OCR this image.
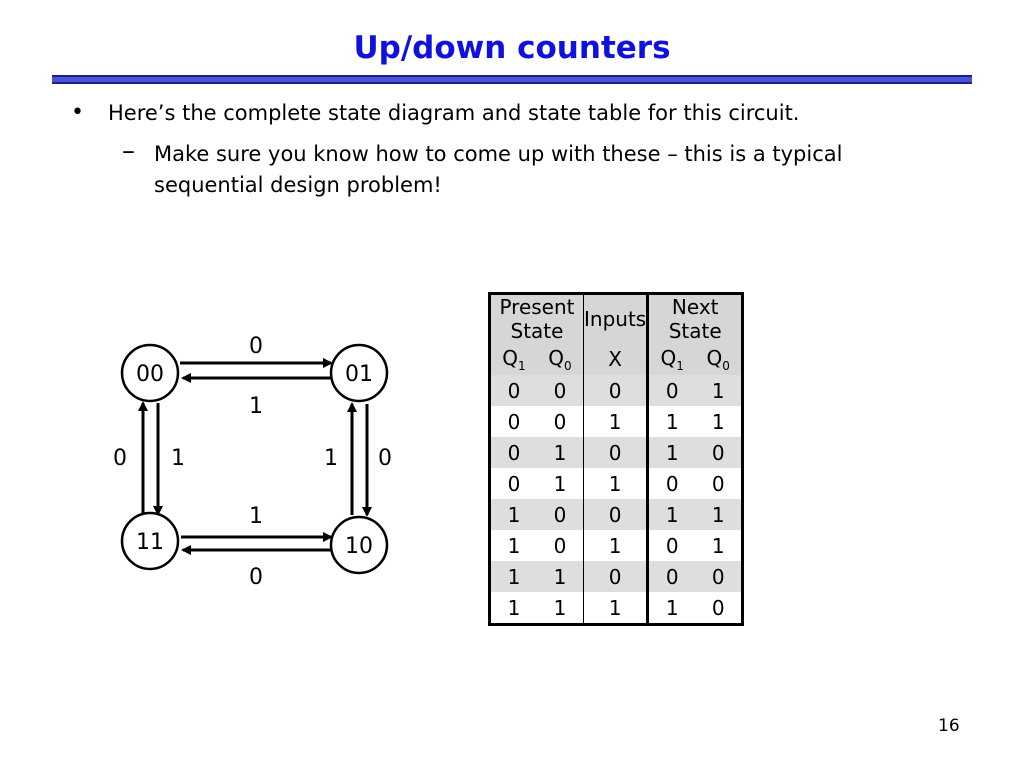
Up/down counters
• Here’s the complete state diagram and state table for this circuit.
– Make sure you know how to come up with these – this is a typical sequential design problem!
00	01
11	10
0
1
0 1	1 0
1
0
Present State		Inputs	Next State	
$Q_1$	$Q_0$	X	$Q_1$	$Q_0$
0	0	0	0	1
0	0	1	1	1
0	1	0	1	0
0	1	1	0	0
1	0	0	1	1
1	0	1	0	1
1	1	0	0	0
1	1	1	1	0
16
